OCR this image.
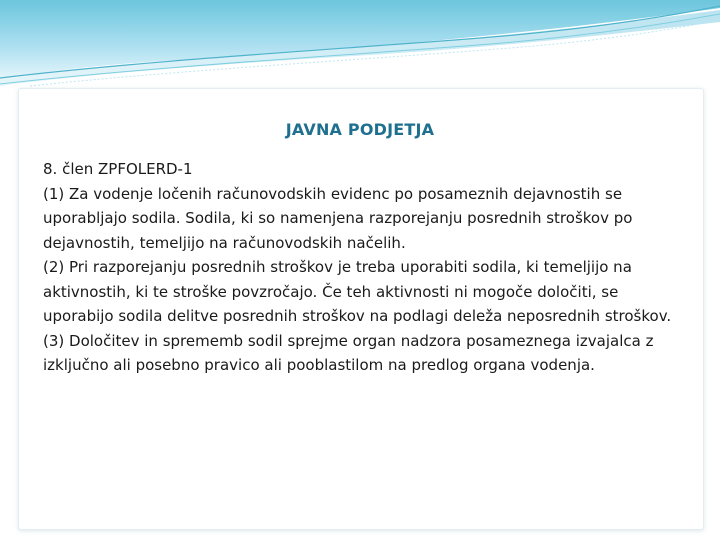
JAVNA PODJETJA

8. člen ZPFOLERD-1

(1) Za vodenje ločenih računovodskih evidenc po posameznih dejavnostih se uporabljajo sodila. Sodila, ki so namenjena razporejanju posrednih stroškov po dejavnostih, temeljijo na računovodskih načelih.

(2) Pri razporejanju posrednih stroškov je treba uporabiti sodila, ki temeljijo na aktivnostih, ki te stroške povzročajo. Če teh aktivnosti ni mogoče določiti, se uporabijo sodila delitve posrednih stroškov na podlagi deleža neposrednih stroškov.

(3) Določitev in sprememb sodil sprejme organ nadzora posameznega izvajalca z izključno ali posebno pravico ali pooblastilom na predlog organa vodenja.
